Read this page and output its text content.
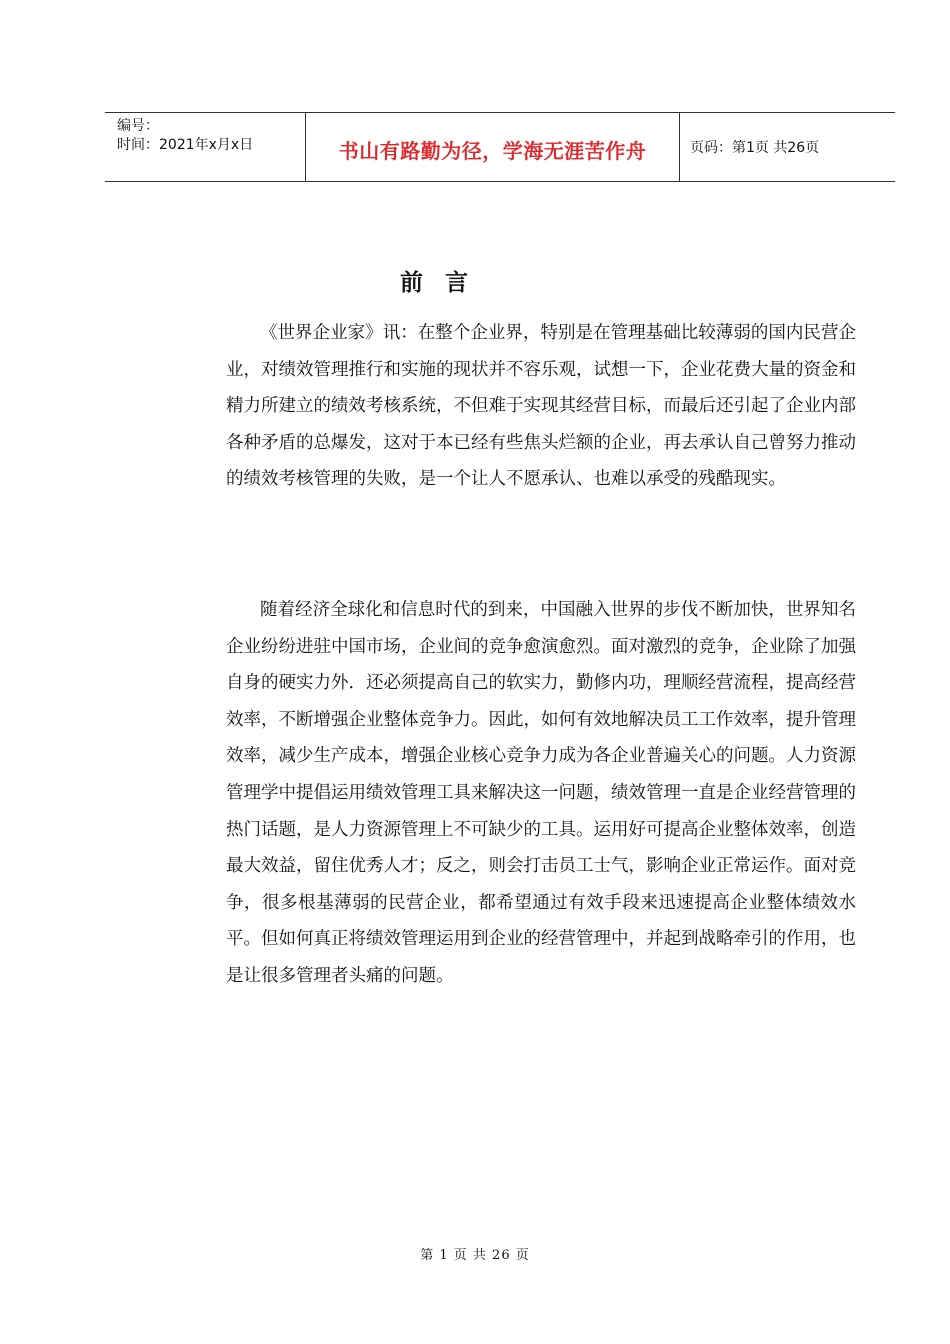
编号：
时间：2021年x月x日	书山有路勤为径，学海无涯苦作舟	页码：第1页 共26页
前言

《世界企业家》讯：在整个企业界，特别是在管理基础比较薄弱的国内民营企业，对绩效管理推行和实施的现状并不容乐观，试想一下，企业花费大量的资金和精力所建立的绩效考核系统，不但难于实现其经营目标，而最后还引起了企业内部各种矛盾的总爆发，这对于本已经有些焦头烂额的企业，再去承认自己曾努力推动的绩效考核管理的失败，是一个让人不愿承认、也难以承受的残酷现实。

随着经济全球化和信息时代的到来，中国融入世界的步伐不断加快，世界知名企业纷纷进驻中国市场，企业间的竞争愈演愈烈。面对激烈的竞争，企业除了加强自身的硬实力外．还必须提高自己的软实力，勤修内功，理顺经营流程，提高经营效率，不断增强企业整体竞争力。因此，如何有效地解决员工工作效率，提升管理效率，减少生产成本，增强企业核心竞争力成为各企业普遍关心的问题。人力资源管理学中提倡运用绩效管理工具来解决这一问题，绩效管理一直是企业经营管理的热门话题，是人力资源管理上不可缺少的工具。运用好可提高企业整体效率，创造最大效益，留住优秀人才；反之，则会打击员工士气，影响企业正常运作。面对竞争，很多根基薄弱的民营企业，都希望通过有效手段来迅速提高企业整体绩效水平。但如何真正将绩效管理运用到企业的经营管理中，并起到战略牵引的作用，也是让很多管理者头痛的问题。

第 1 页 共 26 页
